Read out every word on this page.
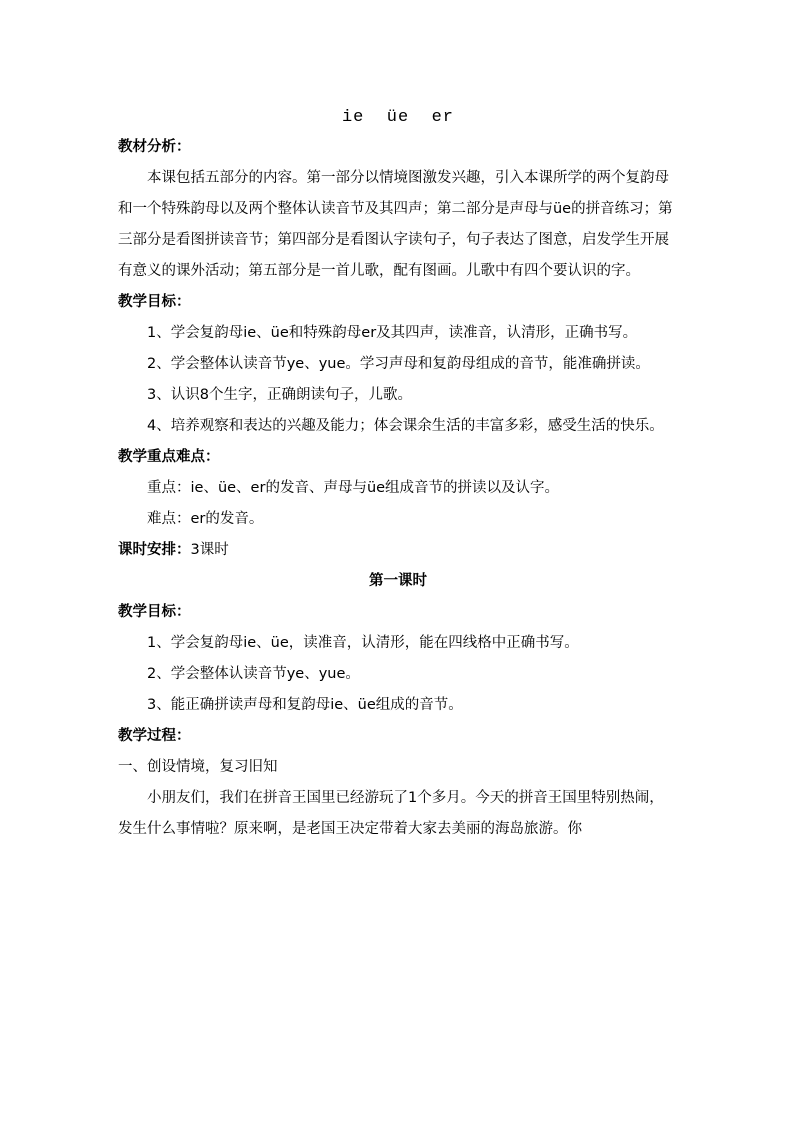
ie  üe  er
教材分析：
本课包括五部分的内容。第一部分以情境图激发兴趣，引入本课所学的两个复韵母和一个特殊韵母以及两个整体认读音节及其四声；第二部分是声母与üe的拼音练习；第三部分是看图拼读音节；第四部分是看图认字读句子，句子表达了图意，启发学生开展有意义的课外活动；第五部分是一首儿歌，配有图画。儿歌中有四个要认识的字。
教学目标：
1、学会复韵母ie、üe和特殊韵母er及其四声，读准音，认清形，正确书写。
2、学会整体认读音节ye、yue。学习声母和复韵母组成的音节，能准确拼读。
3、认识8个生字，正确朗读句子，儿歌。
4、培养观察和表达的兴趣及能力；体会课余生活的丰富多彩，感受生活的快乐。
教学重点难点：
重点：ie、üe、er的发音、声母与üe组成音节的拼读以及认字。
难点：er的发音。
课时安排：3课时
第一课时
教学目标：
1、学会复韵母ie、üe，读准音，认清形，能在四线格中正确书写。
2、学会整体认读音节ye、yue。
3、能正确拼读声母和复韵母ie、üe组成的音节。
教学过程：
一、创设情境，复习旧知
小朋友们，我们在拼音王国里已经游玩了1个多月。今天的拼音王国里特别热闹，发生什么事情啦？原来啊，是老国王决定带着大家去美丽的海岛旅游。你
